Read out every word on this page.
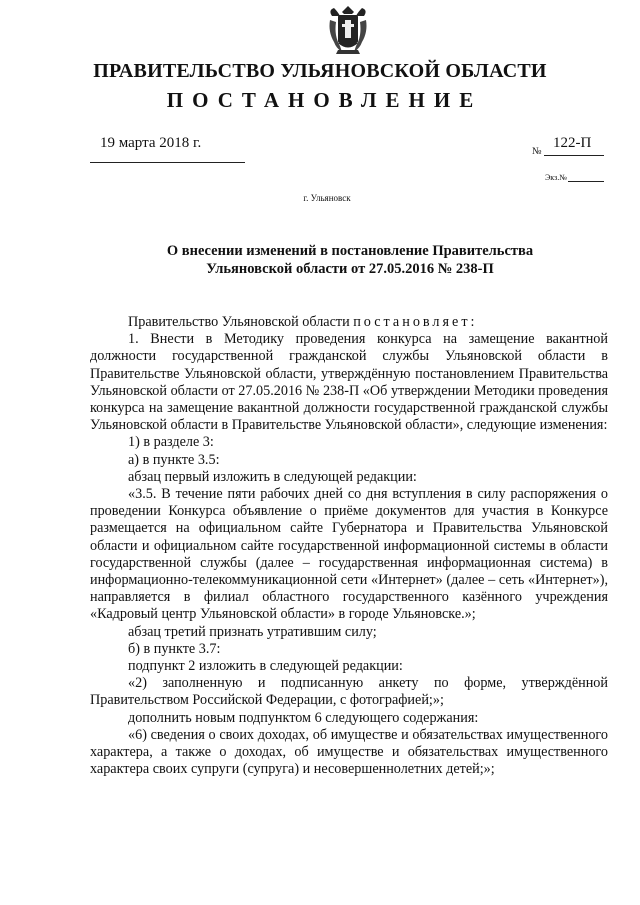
ПРАВИТЕЛЬСТВО УЛЬЯНОВСКОЙ ОБЛАСТИ
ПОСТАНОВЛЕНИЕ
19 марта 2018 г.
№
122-П
Экз.№
г. Ульяновск
О внесении изменений в постановление Правительства
Ульяновской области от 27.05.2016 № 238-П

Правительство Ульяновской области постановляет:

1. Внести в Методику проведения конкурса на замещение вакантной должности государственной гражданской службы Ульяновской области в Правительстве Ульяновской области, утверждённую постановлением Правительства Ульяновской области от 27.05.2016 № 238-П «Об утверждении Методики проведения конкурса на замещение вакантной должности государственной гражданской службы Ульяновской области в Правительстве Ульяновской области», следующие изменения:

1) в разделе 3:

а) в пункте 3.5:

абзац первый изложить в следующей редакции:

«3.5. В течение пяти рабочих дней со дня вступления в силу распоряжения о проведении Конкурса объявление о приёме документов для участия в Конкурсе размещается на официальном сайте Губернатора и Правительства Ульяновской области и официальном сайте государственной информационной системы в области государственной службы (далее – государственная информационная система) в информационно-телекоммуникационной сети «Интернет» (далее – сеть «Интернет»), направляется в филиал областного государственного казённого учреждения «Кадровый центр Ульяновской области» в городе Ульяновске.»;

абзац третий признать утратившим силу;

б) в пункте 3.7:

подпункт 2 изложить в следующей редакции:

«2) заполненную и подписанную анкету по форме, утверждённой Правительством Российской Федерации, с фотографией;»;

дополнить новым подпунктом 6 следующего содержания:

«6) сведения о своих доходах, об имуществе и обязательствах имущественного характера, а также о доходах, об имуществе и обязательствах имущественного характера своих супруги (супруга) и несовершеннолетних детей;»;
